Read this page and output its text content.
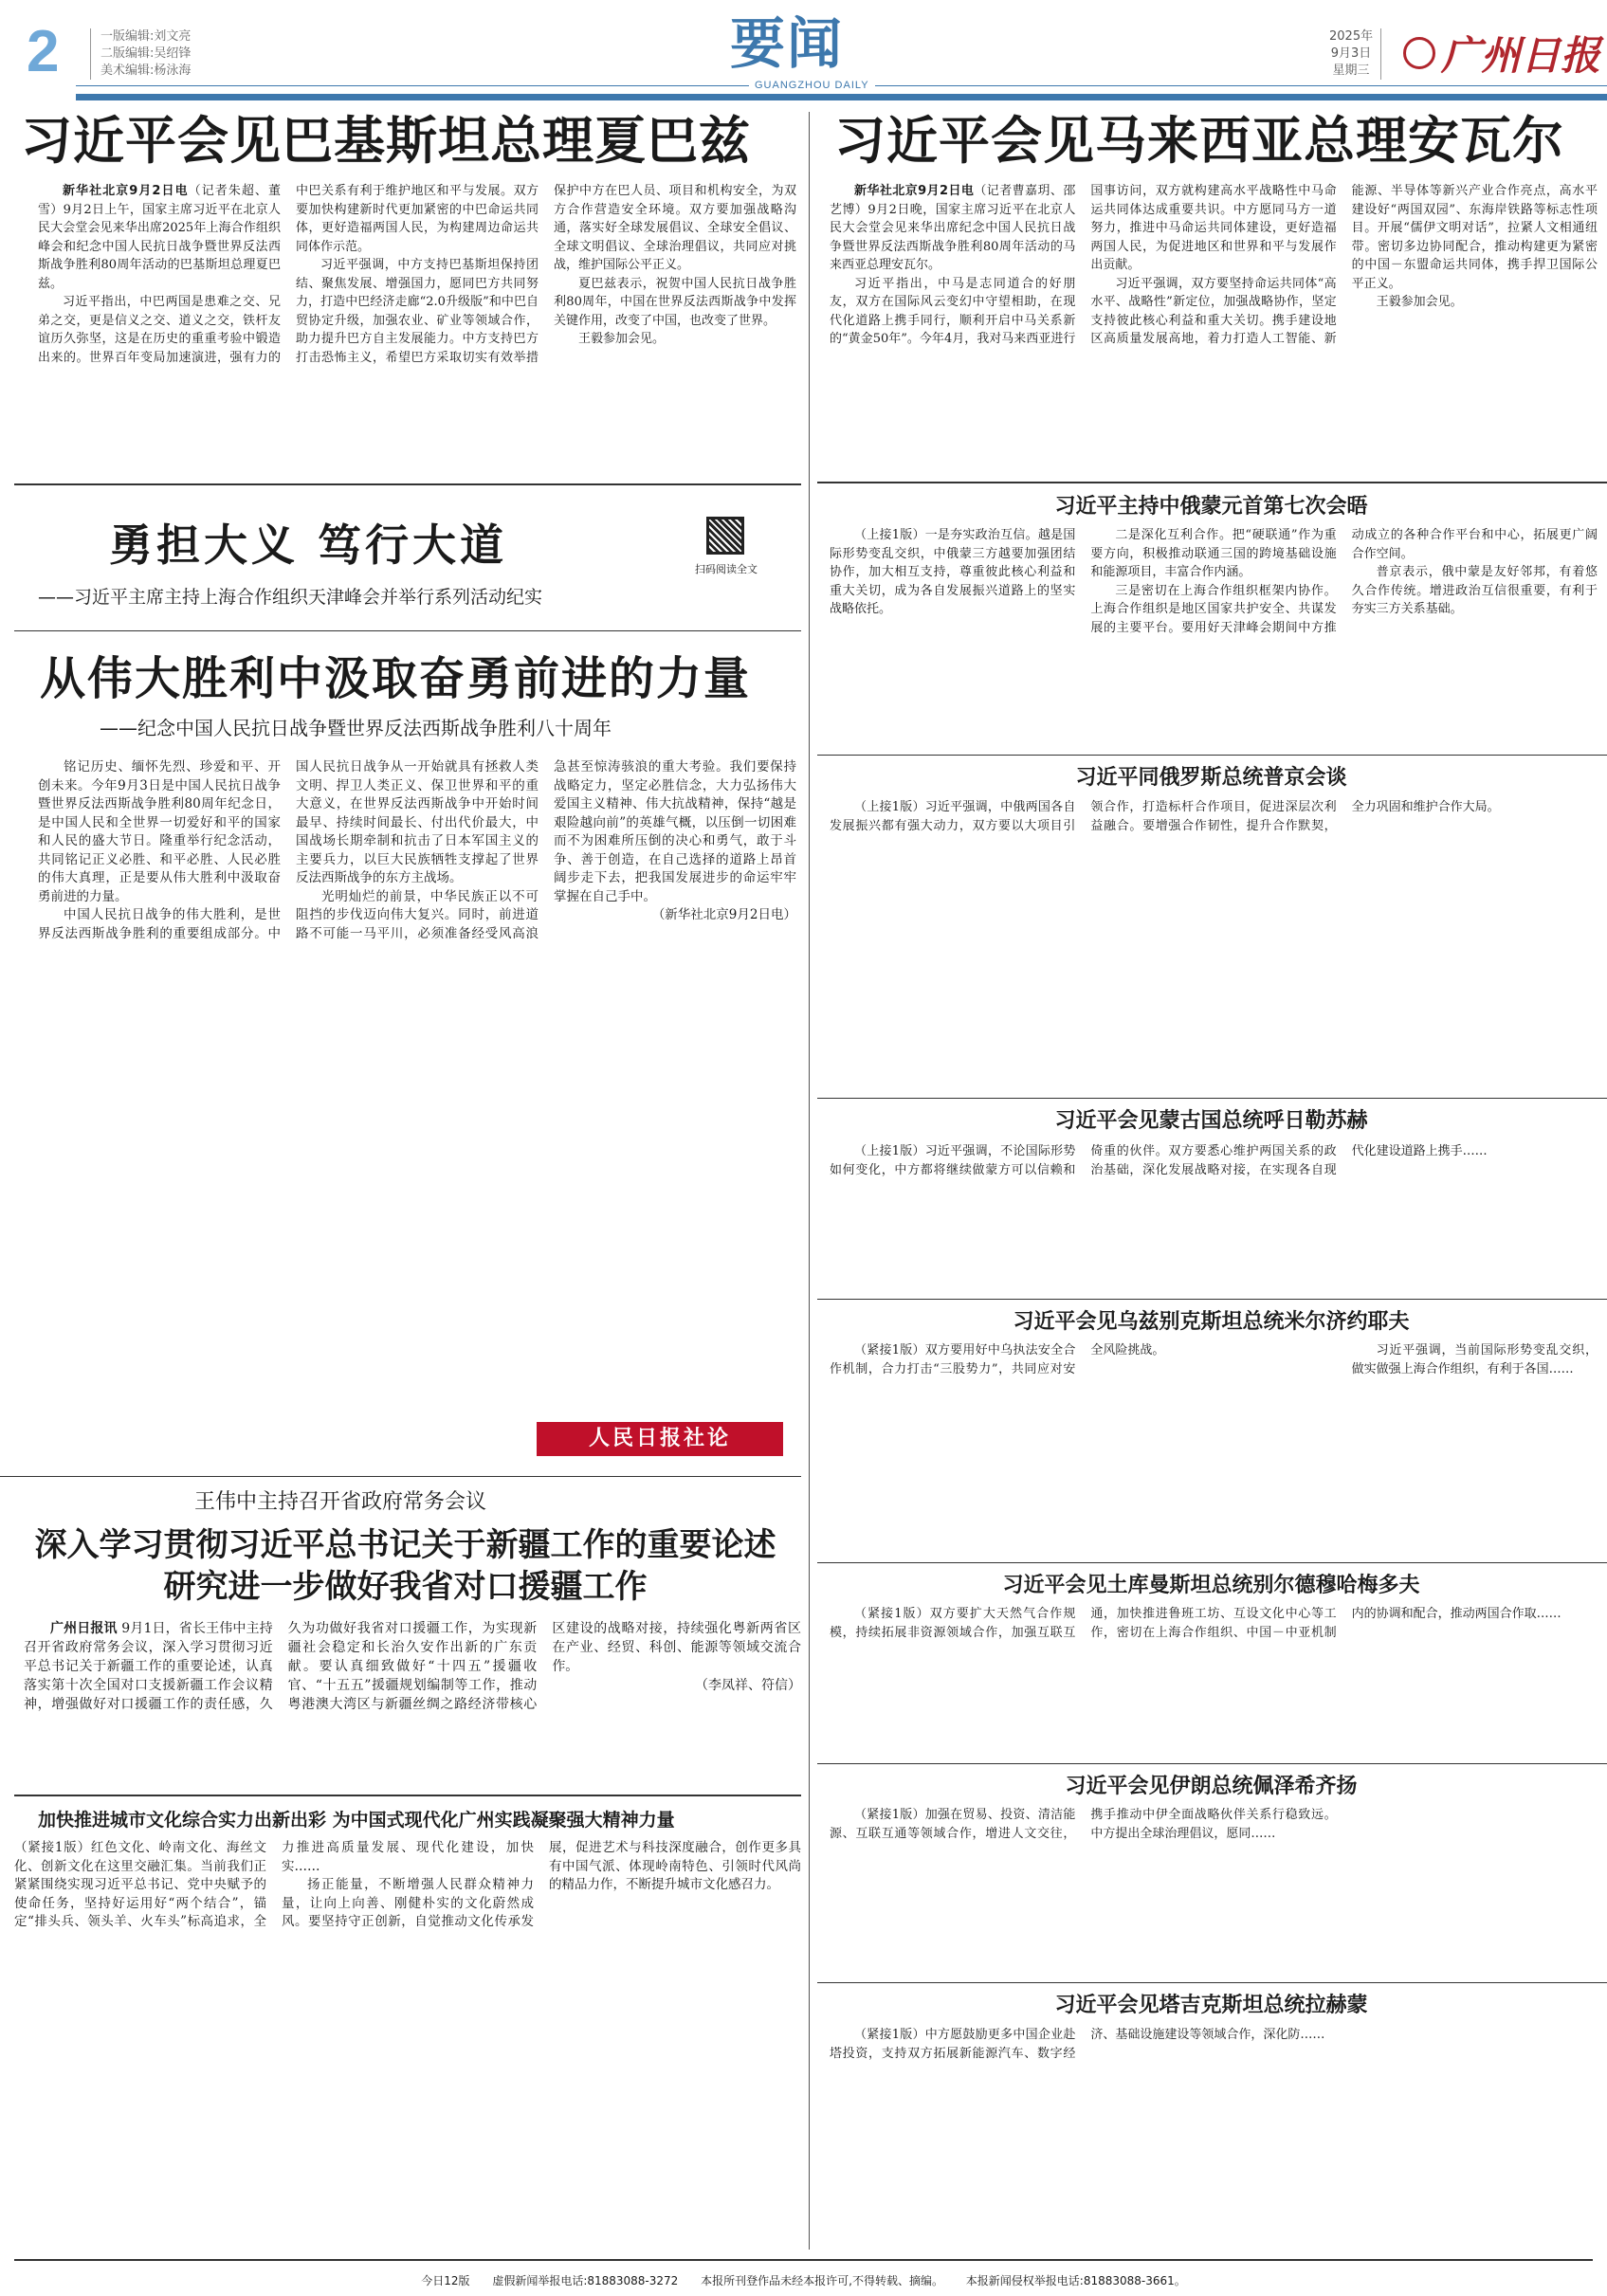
2	一版编辑:刘文亮
二版编辑:吴绍锋
美术编辑:杨泳海	要闻
GUANGZHOU DAILY
2025年
9月3日
星期三 广州日报
习近平会见巴基斯坦总理夏巴兹

新华社北京9月2日电（记者朱超、董雪）9月2日上午，国家主席习近平在北京人民大会堂会见来华出席2025年上海合作组织峰会和纪念中国人民抗日战争暨世界反法西斯战争胜利80周年活动的巴基斯坦总理夏巴兹。

习近平指出，中巴两国是患难之交、兄弟之交，更是信义之交、道义之交，铁杆友谊历久弥坚，这是在历史的重重考验中锻造出来的。世界百年变局加速演进，强有力的中巴关系有利于维护地区和平与发展。双方要加快构建新时代更加紧密的中巴命运共同体，更好造福两国人民，为构建周边命运共同体作示范。

习近平强调，中方支持巴基斯坦保持团结、聚焦发展、增强国力，愿同巴方共同努力，打造中巴经济走廊“2.0升级版”和中巴自贸协定升级，加强农业、矿业等领域合作，助力提升巴方自主发展能力。中方支持巴方打击恐怖主义，希望巴方采取切实有效举措保护中方在巴人员、项目和机构安全，为双方合作营造安全环境。双方要加强战略沟通，落实好全球发展倡议、全球安全倡议、全球文明倡议、全球治理倡议，共同应对挑战，维护国际公平正义。

夏巴兹表示，祝贺中国人民抗日战争胜利80周年，中国在世界反法西斯战争中发挥关键作用，改变了中国，也改变了世界。

王毅参加会见。

习近平会见马来西亚总理安瓦尔

新华社北京9月2日电（记者曹嘉玥、邵艺博）9月2日晚，国家主席习近平在北京人民大会堂会见来华出席纪念中国人民抗日战争暨世界反法西斯战争胜利80周年活动的马来西亚总理安瓦尔。

习近平指出，中马是志同道合的好朋友，双方在国际风云变幻中守望相助，在现代化道路上携手同行，顺利开启中马关系新的“黄金50年”。今年4月，我对马来西亚进行国事访问，双方就构建高水平战略性中马命运共同体达成重要共识。中方愿同马方一道努力，推进中马命运共同体建设，更好造福两国人民，为促进地区和世界和平与发展作出贡献。

习近平强调，双方要坚持命运共同体“高水平、战略性”新定位，加强战略协作，坚定支持彼此核心利益和重大关切。携手建设地区高质量发展高地，着力打造人工智能、新能源、半导体等新兴产业合作亮点，高水平建设好“两国双园”、东海岸铁路等标志性项目。开展“儒伊文明对话”，拉紧人文相通纽带。密切多边协同配合，推动构建更为紧密的中国－东盟命运共同体，携手捍卫国际公平正义。

王毅参加会见。

勇担大义 笃行大道
——习近平主席主持上海合作组织天津峰会并举行系列活动纪实
扫码阅读全文
从伟大胜利中汲取奋勇前进的力量
——纪念中国人民抗日战争暨世界反法西斯战争胜利八十周年

铭记历史、缅怀先烈、珍爱和平、开创未来。今年9月3日是中国人民抗日战争暨世界反法西斯战争胜利80周年纪念日，是中国人民和全世界一切爱好和平的国家和人民的盛大节日。隆重举行纪念活动，共同铭记正义必胜、和平必胜、人民必胜的伟大真理，正是要从伟大胜利中汲取奋勇前进的力量。

中国人民抗日战争的伟大胜利，是世界反法西斯战争胜利的重要组成部分。中国人民抗日战争从一开始就具有拯救人类文明、捍卫人类正义、保卫世界和平的重大意义，在世界反法西斯战争中开始时间最早、持续时间最长、付出代价最大，中国战场长期牵制和抗击了日本军国主义的主要兵力，以巨大民族牺牲支撑起了世界反法西斯战争的东方主战场。

光明灿烂的前景，中华民族正以不可阻挡的步伐迈向伟大复兴。同时，前进道路不可能一马平川，必须准备经受风高浪急甚至惊涛骇浪的重大考验。我们要保持战略定力，坚定必胜信念，大力弘扬伟大爱国主义精神、伟大抗战精神，保持“越是艰险越向前”的英雄气概，以压倒一切困难而不为困难所压倒的决心和勇气，敢于斗争、善于创造，在自己选择的道路上昂首阔步走下去，把我国发展进步的命运牢牢掌握在自己手中。

（新华社北京9月2日电）

人民日报社论
王伟中主持召开省政府常务会议
深入学习贯彻习近平总书记关于新疆工作的重要论述
研究进一步做好我省对口援疆工作

广州日报讯 9月1日，省长王伟中主持召开省政府常务会议，深入学习贯彻习近平总书记关于新疆工作的重要论述，认真落实第十次全国对口支援新疆工作会议精神，增强做好对口援疆工作的责任感，久久为功做好我省对口援疆工作，为实现新疆社会稳定和长治久安作出新的广东贡献。要认真细致做好“十四五”援疆收官、“十五五”援疆规划编制等工作，推动粤港澳大湾区与新疆丝绸之路经济带核心区建设的战略对接，持续强化粤新两省区在产业、经贸、科创、能源等领域交流合作。

（李凤祥、符信）

加快推进城市文化综合实力出新出彩 为中国式现代化广州实践凝聚强大精神力量

（紧接1版）红色文化、岭南文化、海丝文化、创新文化在这里交融汇集。当前我们正紧紧围绕实现习近平总书记、党中央赋予的使命任务，坚持好运用好“两个结合”，锚定“排头兵、领头羊、火车头”标高追求，全力推进高质量发展、现代化建设，加快实……

扬正能量，不断增强人民群众精神力量，让向上向善、刚健朴实的文化蔚然成风。要坚持守正创新，自觉推动文化传承发展，促进艺术与科技深度融合，创作更多具有中国气派、体现岭南特色、引领时代风尚的精品力作，不断提升城市文化感召力。

习近平主持中俄蒙元首第七次会晤

（上接1版）一是夯实政治互信。越是国际形势变乱交织，中俄蒙三方越要加强团结协作，加大相互支持，尊重彼此核心利益和重大关切，成为各自发展振兴道路上的坚实战略依托。

二是深化互利合作。把“硬联通”作为重要方向，积极推动联通三国的跨境基础设施和能源项目，丰富合作内涵。

三是密切在上海合作组织框架内协作。上海合作组织是地区国家共护安全、共谋发展的主要平台。要用好天津峰会期间中方推动成立的各种合作平台和中心，拓展更广阔合作空间。

普京表示，俄中蒙是友好邻邦，有着悠久合作传统。增进政治互信很重要，有利于夯实三方关系基础。

习近平同俄罗斯总统普京会谈

（上接1版）习近平强调，中俄两国各自发展振兴都有强大动力，双方要以大项目引领合作，打造标杆合作项目，促进深层次利益融合。要增强合作韧性，提升合作默契，全力巩固和维护合作大局。

习近平会见蒙古国总统呼日勒苏赫

（上接1版）习近平强调，不论国际形势如何变化，中方都将继续做蒙方可以信赖和倚重的伙伴。双方要悉心维护两国关系的政治基础，深化发展战略对接，在实现各自现代化建设道路上携手……

习近平会见乌兹别克斯坦总统米尔济约耶夫

（紧接1版）双方要用好中乌执法安全合作机制，合力打击“三股势力”，共同应对安全风险挑战。	习近平强调，当前国际形势变乱交织，做实做强上海合作组织，有利于各国……

习近平会见土库曼斯坦总统别尔德穆哈梅多夫

（紧接1版）双方要扩大天然气合作规模，持续拓展非资源领域合作，加强互联互通，加快推进鲁班工坊、互设文化中心等工作，密切在上海合作组织、中国－中亚机制内的协调和配合，推动两国合作取……

习近平会见伊朗总统佩泽希齐扬

（紧接1版）加强在贸易、投资、清洁能源、互联互通等领域合作，增进人文交往，携手推动中伊全面战略伙伴关系行稳致远。中方提出全球治理倡议，愿同……

习近平会见塔吉克斯坦总统拉赫蒙

（紧接1版）中方愿鼓励更多中国企业赴塔投资，支持双方拓展新能源汽车、数字经济、基础设施建设等领域合作，深化防……

今日12版 虚假新闻举报电话:81883088-3272 本报所刊登作品未经本报许可,不得转载、摘编。 本报新闻侵权举报电话:81883088-3661。
